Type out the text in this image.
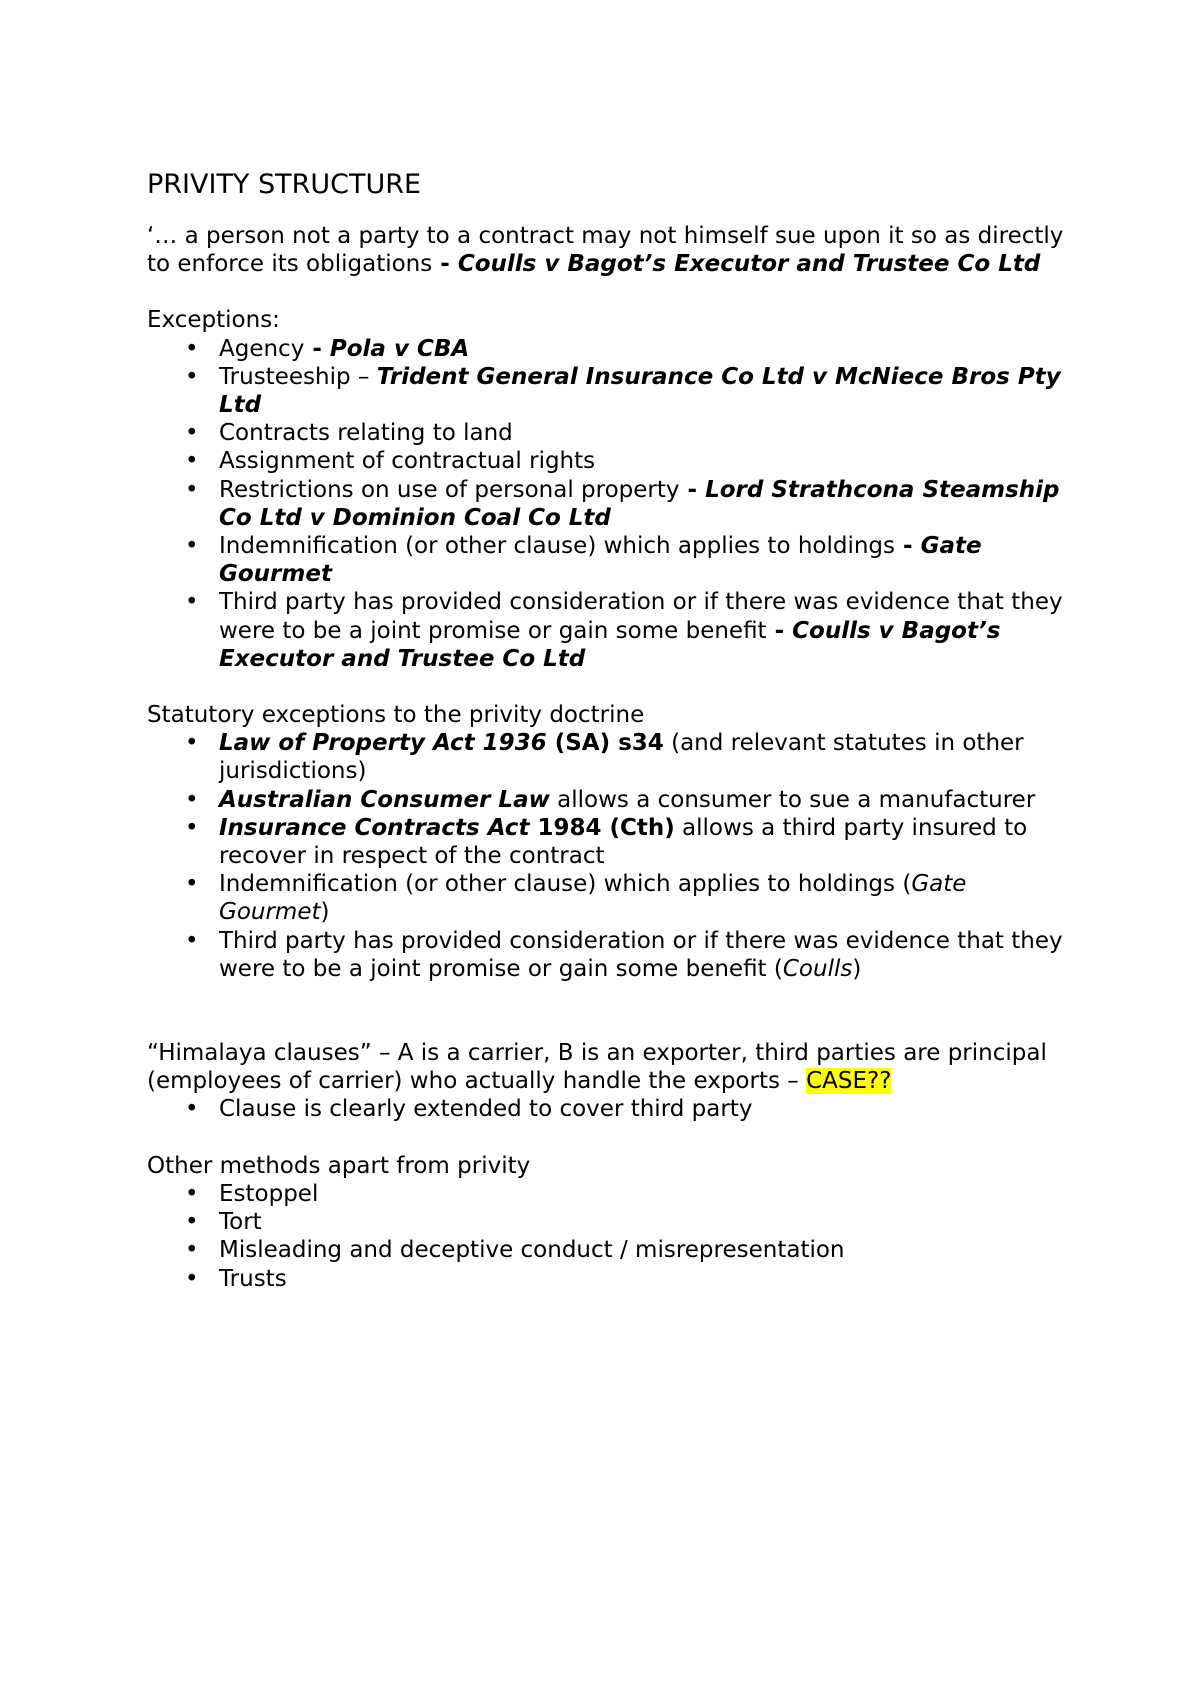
PRIVITY STRUCTURE

‘… a person not a party to a contract may not himself sue upon it so as directly to enforce its obligations - Coulls v Bagot’s Executor and Trustee Co Ltd

Exceptions:

• Agency - Pola v CBA
• Trusteeship – Trident General Insurance Co Ltd v McNiece Bros Pty Ltd
• Contracts relating to land
• Assignment of contractual rights
• Restrictions on use of personal property - Lord Strathcona Steamship Co Ltd v Dominion Coal Co Ltd
• Indemnification (or other clause) which applies to holdings - Gate Gourmet
• Third party has provided consideration or if there was evidence that they were to be a joint promise or gain some benefit - Coulls v Bagot’s Executor and Trustee Co Ltd

Statutory exceptions to the privity doctrine

• Law of Property Act 1936 (SA) s34 (and relevant statutes in other jurisdictions)
• Australian Consumer Law allows a consumer to sue a manufacturer
• Insurance Contracts Act 1984 (Cth) allows a third party insured to recover in respect of the contract
• Indemnification (or other clause) which applies to holdings (Gate Gourmet)
• Third party has provided consideration or if there was evidence that they were to be a joint promise or gain some benefit (Coulls)

“Himalaya clauses” – A is a carrier, B is an exporter, third parties are principal (employees of carrier) who actually handle the exports – CASE??

• Clause is clearly extended to cover third party

Other methods apart from privity

• Estoppel
• Tort
• Misleading and deceptive conduct / misrepresentation
• Trusts
